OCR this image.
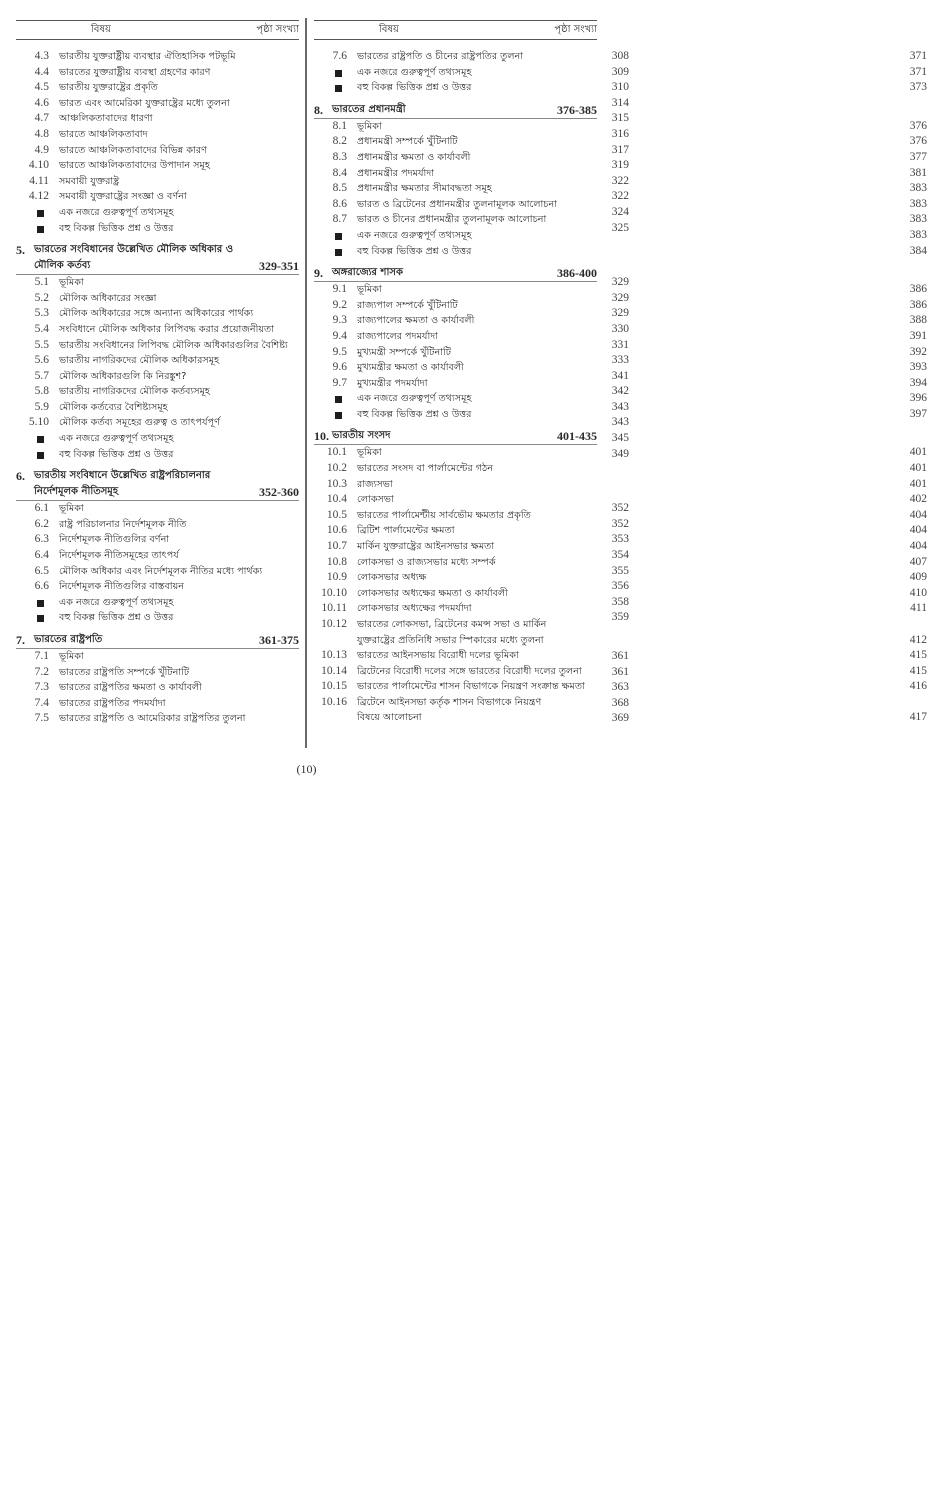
বিষয়	পৃষ্ঠা সংখ্যা
4.3 ভারতীয় যুক্তরাষ্ট্রীয় ব্যবস্থার ঐতিহাসিক পটভূমি	308
4.4 ভারতের যুক্তরাষ্ট্রীয় ব্যবস্থা গ্রহণের কারণ	309
4.5 ভারতীয় যুক্তরাষ্ট্রের প্রকৃতি	310
4.6 ভারত এবং আমেরিকা যুক্তরাষ্ট্রের মধ্যে তুলনা	314
4.7 আঞ্চলিকতাবাদের ধারণা	315
4.8 ভারতে আঞ্চলিকতাবাদ	316
4.9 ভারতে আঞ্চলিকতাবাদের বিভিন্ন কারণ	317
4.10 ভারতে আঞ্চলিকতাবাদের উপাদান সমূহ	319
4.11 সমবায়ী যুক্তরাষ্ট্র	322
4.12 সমবায়ী যুক্তরাষ্ট্রের সংজ্ঞা ও বর্ণনা	322
এক নজরে গুরুত্বপূর্ণ তথ্যসমূহ	324
বহু বিকল্প ভিত্তিক প্রশ্ন ও উত্তর	325
5. ভারতের সংবিধানের উল্লেখিত মৌলিক অধিকার ও
মৌলিক কর্তব্য	329-351
5.1 ভূমিকা	329
5.2 মৌলিক অধিকারের সংজ্ঞা	329
5.3 মৌলিক অধিকারের সঙ্গে অন্যান্য অধিকারের পার্থক্য	329
5.4 সংবিধানে মৌলিক অধিকার লিপিবদ্ধ করার প্রয়োজনীয়তা	330
5.5 ভারতীয় সংবিধানের লিপিবদ্ধ মৌলিক অধিকারগুলির বৈশিষ্ট্য	331
5.6 ভারতীয় নাগরিকদের মৌলিক অধিকারসমূহ	333
5.7 মৌলিক অধিকারগুলি কি নিরঙ্কুশ?	341
5.8 ভারতীয় নাগরিকদের মৌলিক কর্তব্যসমূহ	342
5.9 মৌলিক কর্তব্যের বৈশিষ্ট্যসমূহ	343
5.10 মৌলিক কর্তব্য সমূহের গুরুত্ব ও তাৎপর্যপূর্ণ	343
এক নজরে গুরুত্বপূর্ণ তথ্যসমূহ	345
বহু বিকল্প ভিত্তিক প্রশ্ন ও উত্তর	349
6. ভারতীয় সংবিধানে উল্লেখিত রাষ্ট্রপরিচালনার
নির্দেশমূলক নীতিসমূহ	352-360
6.1 ভূমিকা	352
6.2 রাষ্ট্র পরিচালনার নির্দেশমূলক নীতি	352
6.3 নির্দেশমূলক নীতিগুলির বর্ণনা	353
6.4 নির্দেশমূলক নীতিসমূহের তাৎপর্য	354
6.5 মৌলিক অধিকার এবং নির্দেশমূলক নীতির মধ্যে পার্থক্য	355
6.6 নির্দেশমূলক নীতিগুলির বাস্তবায়ন	356
এক নজরে গুরুত্বপূর্ণ তথ্যসমূহ	358
বহু বিকল্প ভিত্তিক প্রশ্ন ও উত্তর	359
7. ভারতের রাষ্ট্রপতি	361-375
7.1 ভূমিকা	361
7.2 ভারতের রাষ্ট্রপতি সম্পর্কে খুঁটিনাটি	361
7.3 ভারতের রাষ্ট্রপতির ক্ষমতা ও কার্যাবলী	363
7.4 ভারতের রাষ্ট্রপতির পদমর্যাদা	368
7.5 ভারতের রাষ্ট্রপতি ও আমেরিকার রাষ্ট্রপতির তুলনা	369
বিষয়	পৃষ্ঠা সংখ্যা
7.6 ভারতের রাষ্ট্রপতি ও চীনের রাষ্ট্রপতির তুলনা	371
এক নজরে গুরুত্বপূর্ণ তথ্যসমূহ	371
বহু বিকল্প ভিত্তিক প্রশ্ন ও উত্তর	373
8. ভারতের প্রধানমন্ত্রী	376-385
8.1 ভূমিকা	376
8.2 প্রধানমন্ত্রী সম্পর্কে খুঁটিনাটি	376
8.3 প্রধানমন্ত্রীর ক্ষমতা ও কার্যাবলী	377
8.4 প্রধানমন্ত্রীর পদমর্যাদা	381
8.5 প্রধানমন্ত্রীর ক্ষমতার সীমাবদ্ধতা সমূহ	383
8.6 ভারত ও ব্রিটেনের প্রধানমন্ত্রীর তুলনামূলক আলোচনা	383
8.7 ভারত ও চীনের প্রধানমন্ত্রীর তুলনামূলক আলোচনা	383
এক নজরে গুরুত্বপূর্ণ তথ্যসমূহ	383
বহু বিকল্প ভিত্তিক প্রশ্ন ও উত্তর	384
9. অঙ্গরাজ্যের শাসক	386-400
9.1 ভূমিকা	386
9.2 রাজ্যপাল সম্পর্কে খুঁটিনাটি	386
9.3 রাজ্যপালের ক্ষমতা ও কার্যাবলী	388
9.4 রাজ্যপালের পদমর্যাদা	391
9.5 মুখ্যমন্ত্রী সম্পর্কে খুঁটিনাটি	392
9.6 মুখ্যমন্ত্রীর ক্ষমতা ও কার্যাবলী	393
9.7 মুখ্যমন্ত্রীর পদমর্যাদা	394
এক নজরে গুরুত্বপূর্ণ তথ্যসমূহ	396
বহু বিকল্প ভিত্তিক প্রশ্ন ও উত্তর	397
10. ভারতীয় সংসদ	401-435
10.1 ভূমিকা	401
10.2 ভারতের সংসদ বা পার্লামেন্টের গঠন	401
10.3 রাজ্যসভা	401
10.4 লোকসভা	402
10.5 ভারতের পার্লামেন্টীয় সার্বভৌম ক্ষমতার প্রকৃতি	404
10.6 ব্রিটিশ পার্লামেন্টের ক্ষমতা	404
10.7 মার্কিন যুক্তরাষ্ট্রের আইনসভার ক্ষমতা	404
10.8 লোকসভা ও রাজ্যসভার মধ্যে সম্পর্ক	407
10.9 লোকসভার অধ্যক্ষ	409
10.10 লোকসভার অধ্যক্ষের ক্ষমতা ও কার্যাবলী	410
10.11 লোকসভার অধ্যক্ষের পদমর্যাদা	411
10.12 ভারতের লোকসভা, ব্রিটেনের কমন্স সভা ও মার্কিন যুক্তরাষ্ট্রের প্রতিনিধি সভার স্পিকারের মধ্যে তুলনা	412
10.13 ভারতের আইনসভায় বিরোধী দলের ভূমিকা	415
10.14 ব্রিটেনের বিরোধী দলের সঙ্গে ভারতের বিরোধী দলের তুলনা	415
10.15 ভারতের পার্লামেন্টের শাসন বিভাগকে নিয়ন্ত্রণ সংক্রান্ত ক্ষমতা	416
10.16 ব্রিটেনে আইনসভা কর্তৃক শাসন বিভাগকে নিয়ন্ত্রণ বিষয়ে আলোচনা	417
(10)
